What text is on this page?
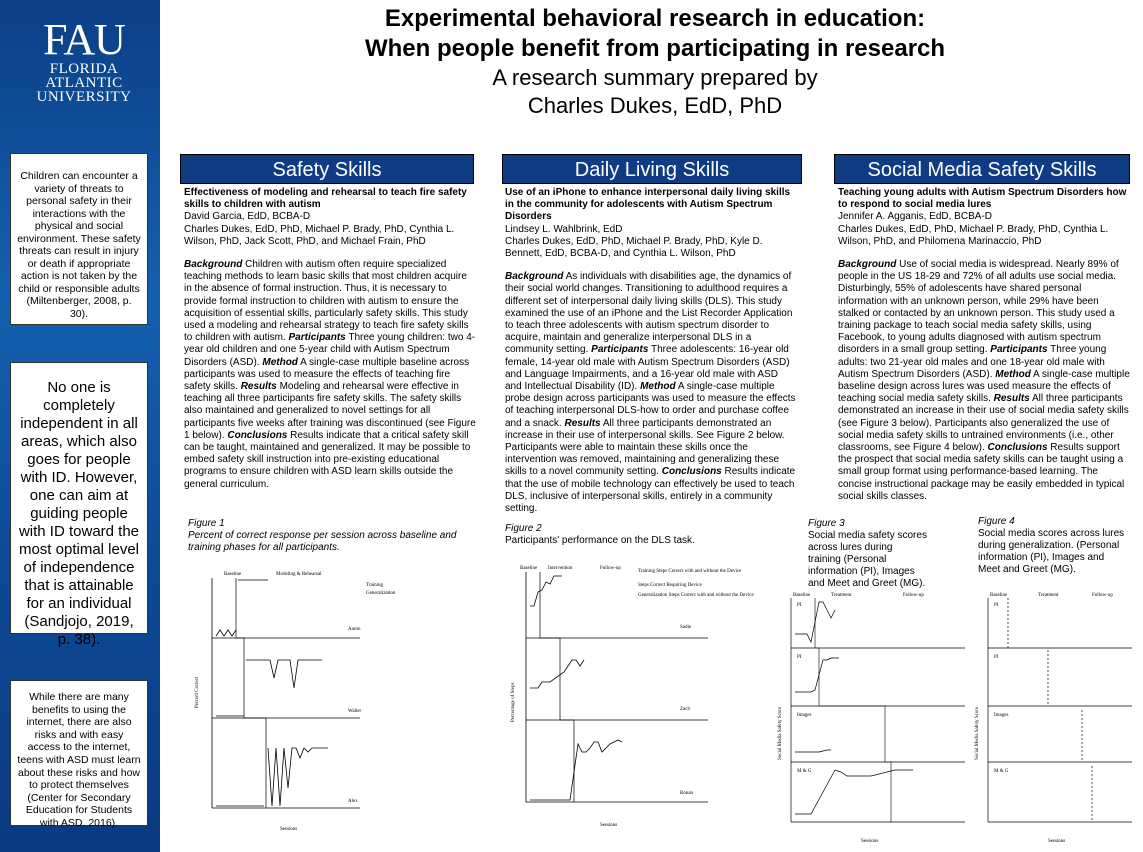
FAU
FLORIDA
ATLANTIC
UNIVERSITY
Children can encounter a variety of threats to personal safety in their interactions with the physical and social environment. These safety threats can result in injury or death if appropriate action is not taken by the child or responsible adults (Miltenberger, 2008, p. 30).
No one is completely independent in all areas, which also goes for people with ID. However, one can aim at guiding people with ID toward the most optimal level of independence that is attainable for an individual (Sandjojo, 2019, p. 38).
While there are many benefits to using the internet, there are also risks and with easy access to the internet, teens with ASD must learn about these risks and how to protect themselves (Center for Secondary Education for Students with ASD, 2016).
Experimental behavioral research in education:
When people benefit from participating in research
A research summary prepared by
Charles Dukes, EdD, PhD
Safety Skills	Daily Living Skills	Social Media Safety Skills

Effectiveness of modeling and rehearsal to teach fire safety skills to children with autism

David Garcia, EdD, BCBA-D

Charles Dukes, EdD, PhD, Michael P. Brady, PhD, Cynthia L. Wilson, PhD, Jack Scott, PhD, and Michael Frain, PhD

Background Children with autism often require specialized teaching methods to learn basic skills that most children acquire in the absence of formal instruction. Thus, it is necessary to provide formal instruction to children with autism to ensure the acquisition of essential skills, particularly safety skills. This study used a modeling and rehearsal strategy to teach fire safety skills to children with autism. Participants Three young children: two 4-year old children and one 5-year child with Autism Spectrum Disorders (ASD). Method A single-case multiple baseline across participants was used to measure the effects of teaching fire safety skills. Results Modeling and rehearsal were effective in teaching all three participants fire safety skills. The safety skills also maintained and generalized to novel settings for all participants five weeks after training was discontinued (see Figure 1 below). Conclusions Results indicate that a critical safety skill can be taught, maintained and generalized. It may be possible to embed safety skill instruction into pre-existing educational programs to ensure children with ASD learn skills outside the general curriculum.

Use of an iPhone to enhance interpersonal daily living skills in the community for adolescents with Autism Spectrum Disorders

Lindsey L. Wahlbrink, EdD

Charles Dukes, EdD, PhD, Michael P. Brady, PhD, Kyle D. Bennett, EdD, BCBA-D, and Cynthia L. Wilson, PhD

Background As individuals with disabilities age, the dynamics of their social world changes. Transitioning to adulthood requires a different set of interpersonal daily living skills (DLS). This study examined the use of an iPhone and the List Recorder Application to teach three adolescents with autism spectrum disorder to acquire, maintain and generalize interpersonal DLS in a community setting. Participants Three adolescents: 16-year old female, 14-year old male with Autism Spectrum Disorders (ASD) and Language Impairments, and a 16-year old male with ASD and Intellectual Disability (ID). Method A single-case multiple probe design across participants was used to measure the effects of teaching interpersonal DLS-how to order and purchase coffee and a snack. Results All three participants demonstrated an increase in their use of interpersonal skills. See Figure 2 below. Participants were able to maintain these skills once the intervention was removed, maintaining and generalizing these skills to a novel community setting. Conclusions Results indicate that the use of mobile technology can effectively be used to teach DLS, inclusive of interpersonal skills, entirely in a community setting.

Teaching young adults with Autism Spectrum Disorders how to respond to social media lures

Jennifer A. Agganis, EdD, BCBA-D

Charles Dukes, EdD, PhD, Michael P. Brady, PhD, Cynthia L. Wilson, PhD, and Philomena Marinaccio, PhD

Background Use of social media is widespread. Nearly 89% of people in the US 18-29 and 72% of all adults use social media. Disturbingly, 55% of adolescents have shared personal information with an unknown person, while 29% have been stalked or contacted by an unknown person. This study used a training package to teach social media safety skills, using Facebook, to young adults diagnosed with autism spectrum disorders in a small group setting. Participants Three young adults: two 21-year old males and one 18-year old male with Autism Spectrum Disorders (ASD). Method A single-case multiple baseline design across lures was used measure the effects of teaching social media safety skills. Results All three participants demonstrated an increase in their use of social media safety skills (see Figure 3 below). Participants also generalized the use of social media safety skills to untrained environments (i.e., other classrooms, see Figure 4 below). Conclusions Results support the prospect that social media safety skills can be taught using a small group format using performance-based learning. The concise instructional package may be easily embedded in typical social skills classes.

Figure 1
Percent of correct response per session across baseline and training phases for all participants.
Figure 2
Participants' performance on the DLS task.
Figure 3
Social media safety scores across lures during training (Personal information (PI), Images and Meet and Greet (MG).
Figure 4
Social media scores across lures during generalization. (Personal information (PI), Images and Meet and Greet (MG).
Baseline	Modeling & Rehearsal
Training
Generalization
Aaron
Walter
Alex
Sessions
Percent Correct
Baseline Intervention	Follow-up
Training Steps Correct with and without the Device
Steps Correct Requiring Device
Generalization Steps Correct with and without the Device
Sadie
Zach
Ronan
Sessions
Percentage of Steps
Baseline	Treatment	Follow-up
PI
PI
Images
M & G
Sessions
Social Media Safety Score
Baseline	Treatment	Follow-up
PI
PI
Images
M & G
Sessions
Social Media Safety Score
